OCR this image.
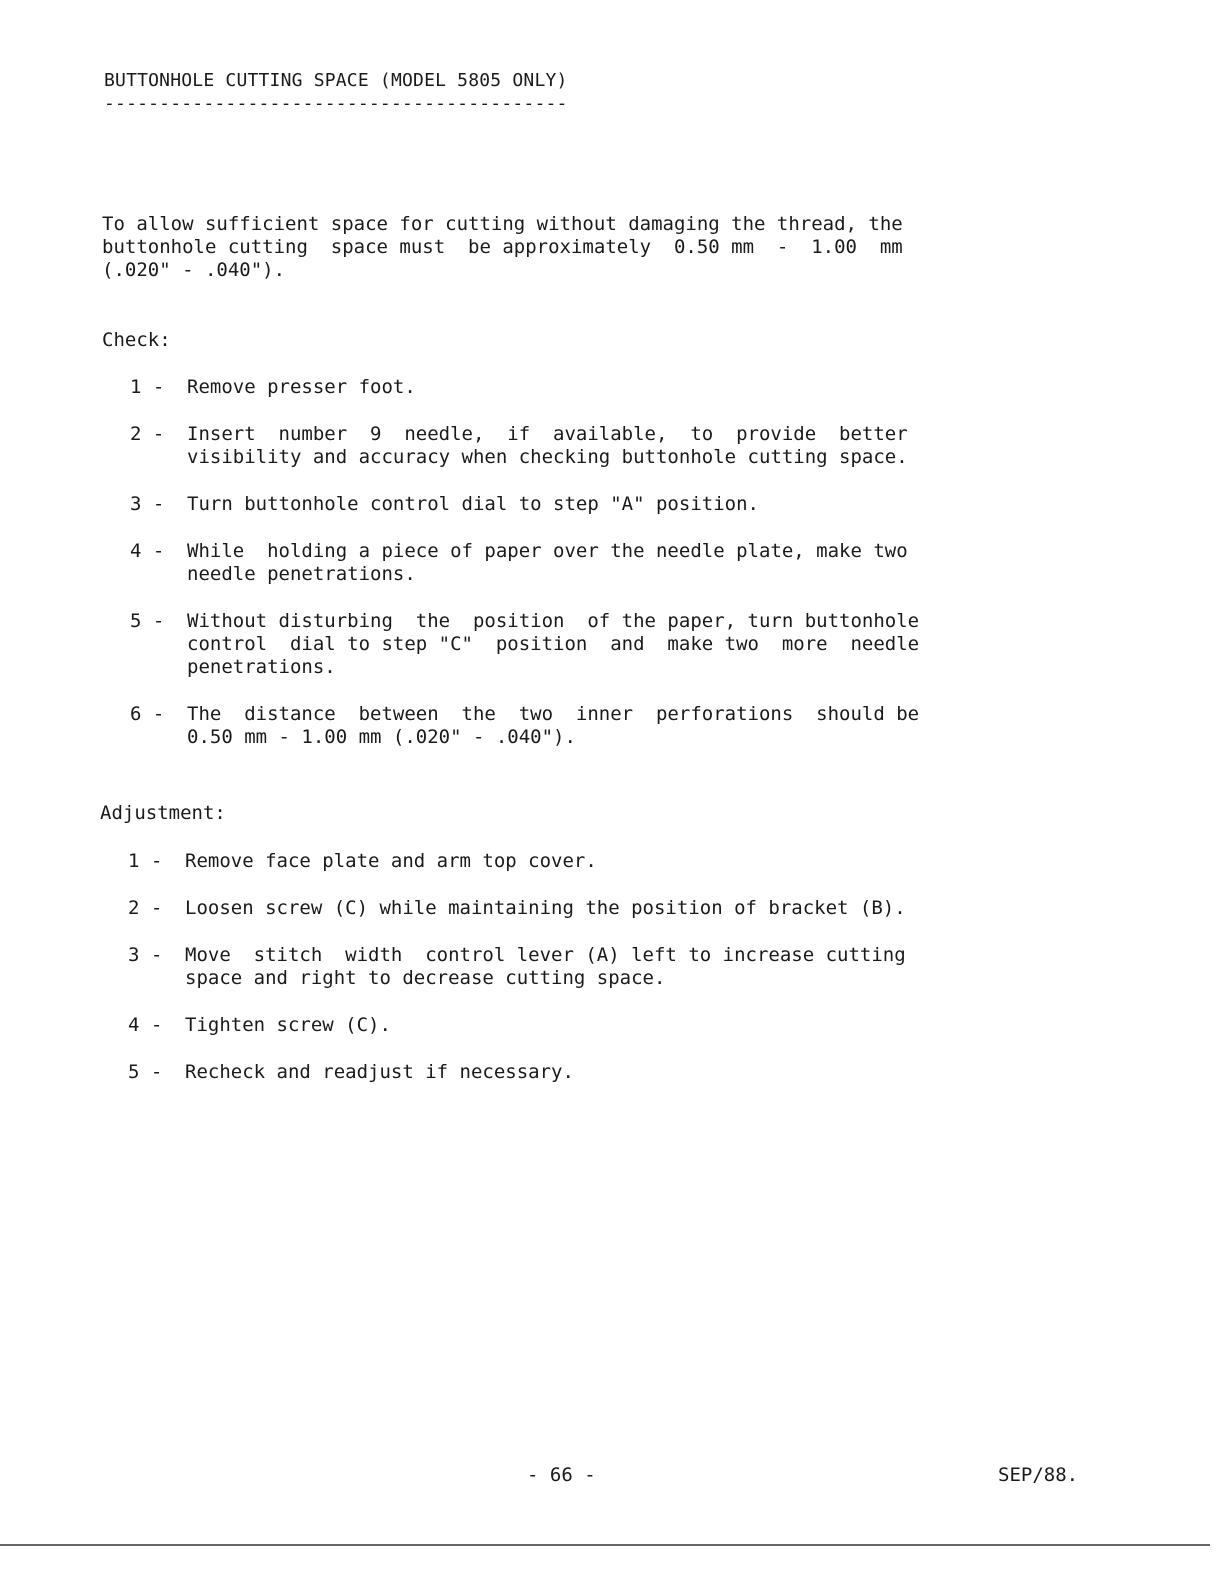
BUTTONHOLE CUTTING SPACE (MODEL 5805 ONLY)
------------------------------------------
To allow sufficient space for cutting without damaging the thread, the
buttonhole cutting  space must  be approximately  0.50 mm  -  1.00  mm
(.020" - .040").
Check:
1 -	Remove presser foot.
2 -	Insert  number  9  needle,  if  available,  to  provide  better
visibility and accuracy when checking buttonhole cutting space.
3 -	Turn buttonhole control dial to step "A" position.
4 -	While  holding a piece of paper over the needle plate, make two
needle penetrations.
5 -	Without disturbing  the  position  of the paper, turn buttonhole
control  dial to step "C"  position  and  make two  more  needle
penetrations.
6 -	The  distance  between  the  two  inner  perforations  should be
0.50 mm - 1.00 mm (.020" - .040").
Adjustment:
1 -	Remove face plate and arm top cover.
2 -	Loosen screw (C) while maintaining the position of bracket (B).
3 -	Move  stitch  width  control lever (A) left to increase cutting
space and right to decrease cutting space.
4 -	Tighten screw (C).
5 -	Recheck and readjust if necessary.
- 66 -	SEP/88.
